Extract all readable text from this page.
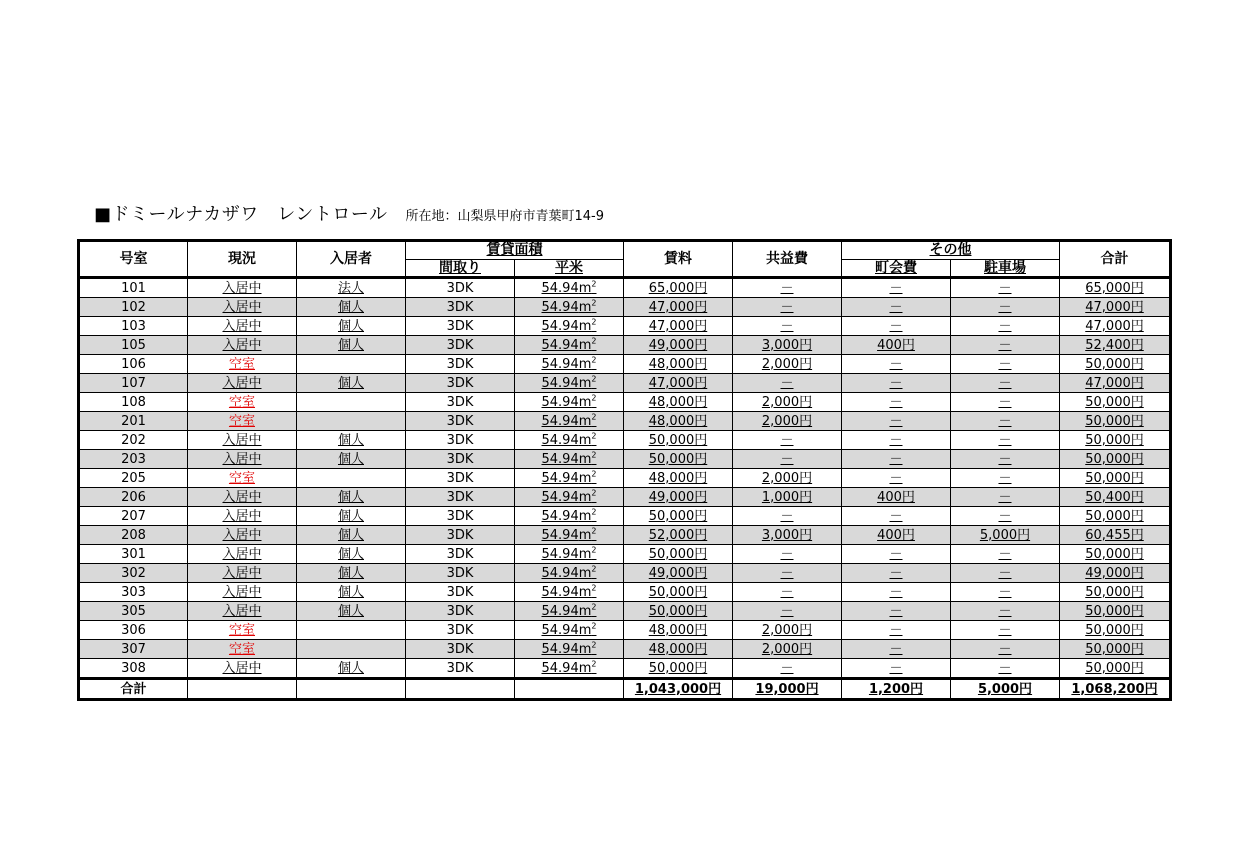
■ドミールナカザワ　レントロール 所在地：山梨県甲府市青葉町14-9
号室	現況	入居者	賃貸面積		賃料	共益費	その他		合計
			間取り	平米			町会費	駐車場	
101	入居中	法人	3DK	$54.94m^2$	65,000円	－	－	－	65,000円
102	入居中	個人	3DK	$54.94m^2$	47,000円	－	－	－	47,000円
103	入居中	個人	3DK	$54.94m^2$	47,000円	－	－	－	47,000円
105	入居中	個人	3DK	$54.94m^2$	49,000円	3,000円	400円	－	52,400円
106	空室		3DK	$54.94m^2$	48,000円	2,000円	－	－	50,000円
107	入居中	個人	3DK	$54.94m^2$	47,000円	－	－	－	47,000円
108	空室		3DK	$54.94m^2$	48,000円	2,000円	－	－	50,000円
201	空室		3DK	$54.94m^2$	48,000円	2,000円	－	－	50,000円
202	入居中	個人	3DK	$54.94m^2$	50,000円	－	－	－	50,000円
203	入居中	個人	3DK	$54.94m^2$	50,000円	－	－	－	50,000円
205	空室		3DK	$54.94m^2$	48,000円	2,000円	－	－	50,000円
206	入居中	個人	3DK	$54.94m^2$	49,000円	1,000円	400円	－	50,400円
207	入居中	個人	3DK	$54.94m^2$	50,000円	－	－	－	50,000円
208	入居中	個人	3DK	$54.94m^2$	52,000円	3,000円	400円	5,000円	60,455円
301	入居中	個人	3DK	$54.94m^2$	50,000円	－	－	－	50,000円
302	入居中	個人	3DK	$54.94m^2$	49,000円	－	－	－	49,000円
303	入居中	個人	3DK	$54.94m^2$	50,000円	－	－	－	50,000円
305	入居中	個人	3DK	$54.94m^2$	50,000円	－	－	－	50,000円
306	空室		3DK	$54.94m^2$	48,000円	2,000円	－	－	50,000円
307	空室		3DK	$54.94m^2$	48,000円	2,000円	－	－	50,000円
308	入居中	個人	3DK	$54.94m^2$	50,000円	－	－	－	50,000円
合計					1,043,000円	19,000円	1,200円	5,000円	1,068,200円
